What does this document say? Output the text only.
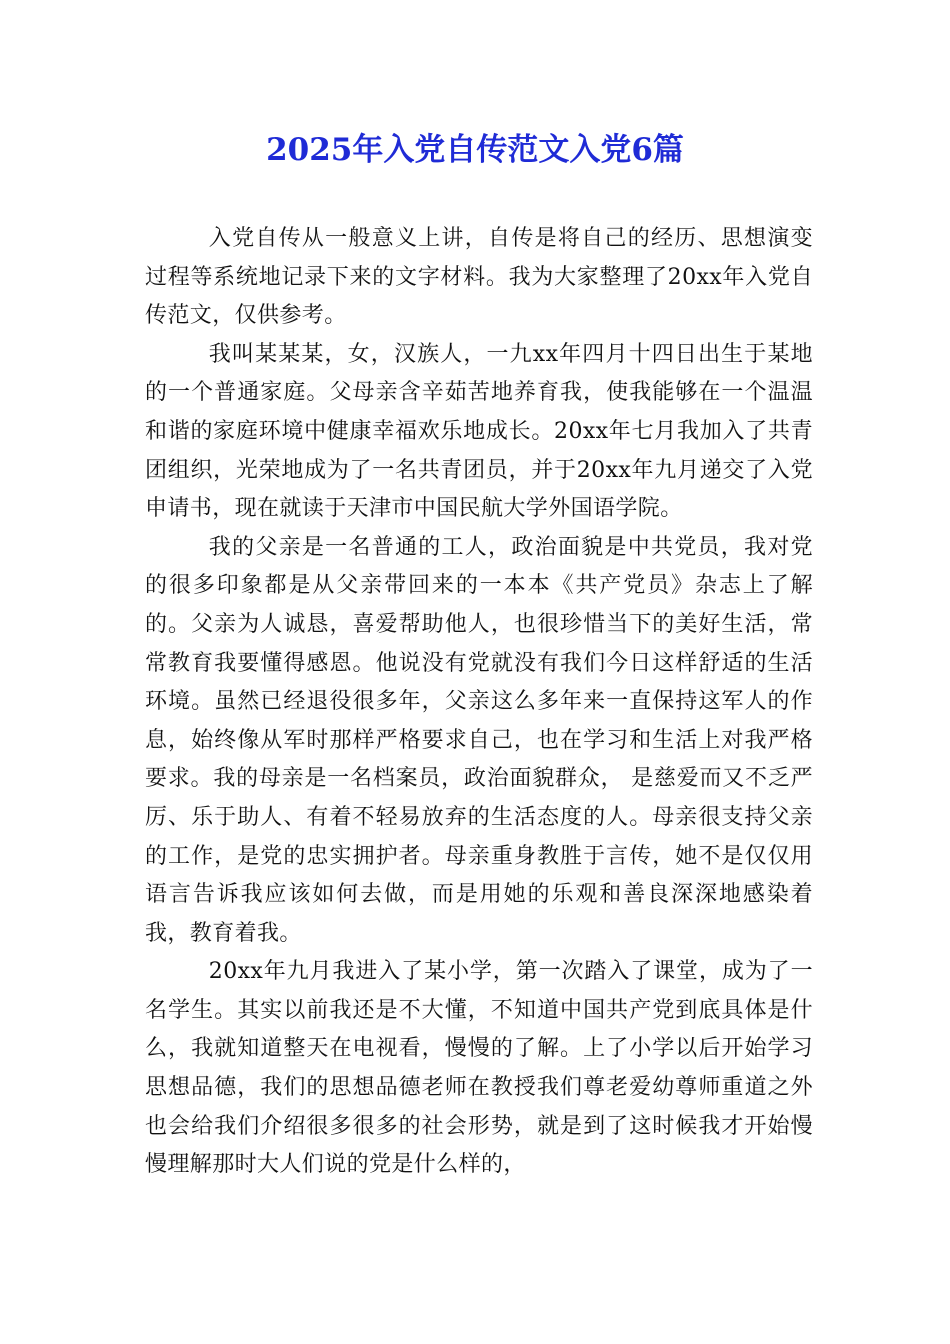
2025年入党自传范文入党6篇

入党自传从一般意义上讲，自传是将自己的经历、思想演变过程等系统地记录下来的文字材料。我为大家整理了20xx年入党自传范文，仅供参考。

我叫某某某，女，汉族人，一九xx年四月十四日出生于某地的一个普通家庭。父母亲含辛茹苦地养育我，使我能够在一个温温和谐的家庭环境中健康幸福欢乐地成长。20xx年七月我加入了共青团组织，光荣地成为了一名共青团员，并于20xx年九月递交了入党申请书，现在就读于天津市中国民航大学外国语学院。

我的父亲是一名普通的工人，政治面貌是中共党员，我对党的很多印象都是从父亲带回来的一本本《共产党员》杂志上了解的。父亲为人诚恳，喜爱帮助他人，也很珍惜当下的美好生活，常常教育我要懂得感恩。他说没有党就没有我们今日这样舒适的生活环境。虽然已经退役很多年，父亲这么多年来一直保持这军人的作息，始终像从军时那样严格要求自己，也在学习和生活上对我严格要求。我的母亲是一名档案员，政治面貌群众， 是慈爱而又不乏严厉、乐于助人、有着不轻易放弃的生活态度的人。母亲很支持父亲的工作，是党的忠实拥护者。母亲重身教胜于言传，她不是仅仅用语言告诉我应该如何去做，而是用她的乐观和善良深深地感染着我，教育着我。

20xx年九月我进入了某小学，第一次踏入了课堂，成为了一名学生。其实以前我还是不大懂，不知道中国共产党到底具体是什么，我就知道整天在电视看，慢慢的了解。上了小学以后开始学习思想品德，我们的思想品德老师在教授我们尊老爱幼尊师重道之外也会给我们介绍很多很多的社会形势，就是到了这时候我才开始慢慢理解那时大人们说的党是什么样的，
